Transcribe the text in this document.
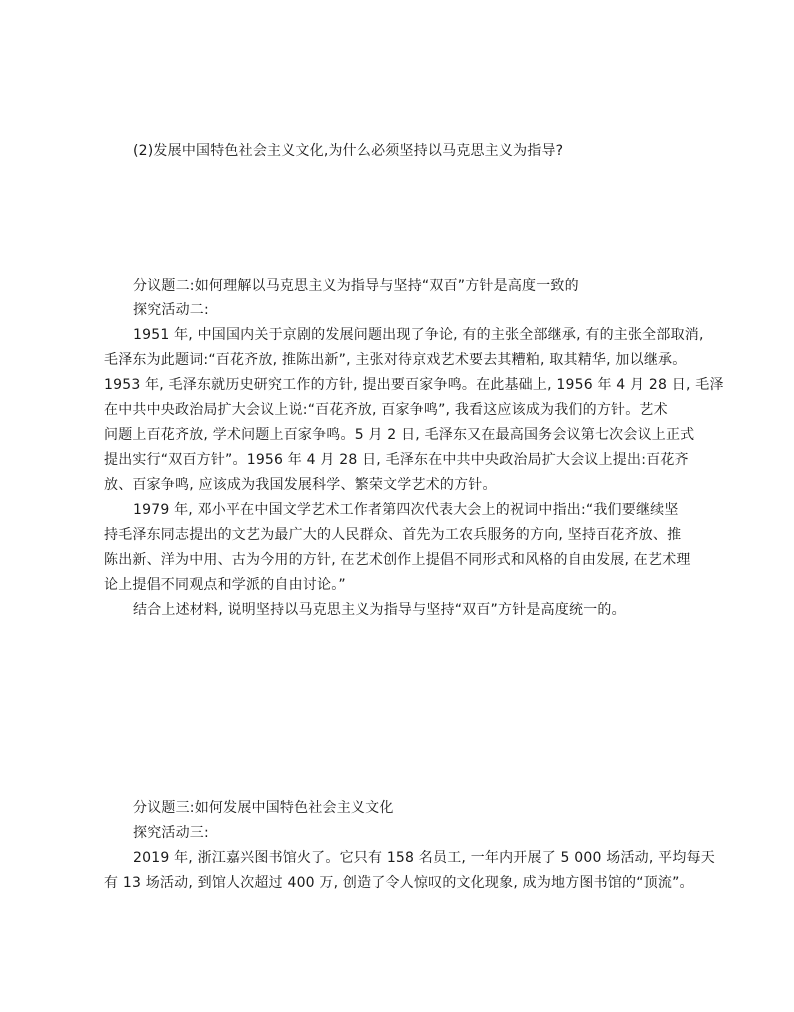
(2)发展中国特色社会主义文化,为什么必须坚持以马克思主义为指导?
分议题二:如何理解以马克思主义为指导与坚持“双百”方针是高度一致的
探究活动二:
1951 年, 中国国内关于京剧的发展问题出现了争论, 有的主张全部继承, 有的主张全部取消,
毛泽东为此题词:“百花齐放, 推陈出新”, 主张对待京戏艺术要去其糟粕, 取其精华, 加以继承。
1953 年, 毛泽东就历史研究工作的方针, 提出要百家争鸣。在此基础上, 1956 年 4 月 28 日, 毛泽
在中共中央政治局扩大会议上说:“百花齐放, 百家争鸣”, 我看这应该成为我们的方针。艺术
问题上百花齐放, 学术问题上百家争鸣。5 月 2 日, 毛泽东又在最高国务会议第七次会议上正式
提出实行“双百方针”。1956 年 4 月 28 日, 毛泽东在中共中央政治局扩大会议上提出:百花齐
放、百家争鸣, 应该成为我国发展科学、繁荣文学艺术的方针。
1979 年, 邓小平在中国文学艺术工作者第四次代表大会上的祝词中指出:“我们要继续坚
持毛泽东同志提出的文艺为最广大的人民群众、首先为工农兵服务的方向, 坚持百花齐放、推
陈出新、洋为中用、古为今用的方针, 在艺术创作上提倡不同形式和风格的自由发展, 在艺术理
论上提倡不同观点和学派的自由讨论。”
结合上述材料, 说明坚持以马克思主义为指导与坚持“双百”方针是高度统一的。
分议题三:如何发展中国特色社会主义文化
探究活动三:
2019 年, 浙江嘉兴图书馆火了。它只有 158 名员工, 一年内开展了 5 000 场活动, 平均每天
有 13 场活动, 到馆人次超过 400 万, 创造了令人惊叹的文化现象, 成为地方图书馆的“顶流”。
